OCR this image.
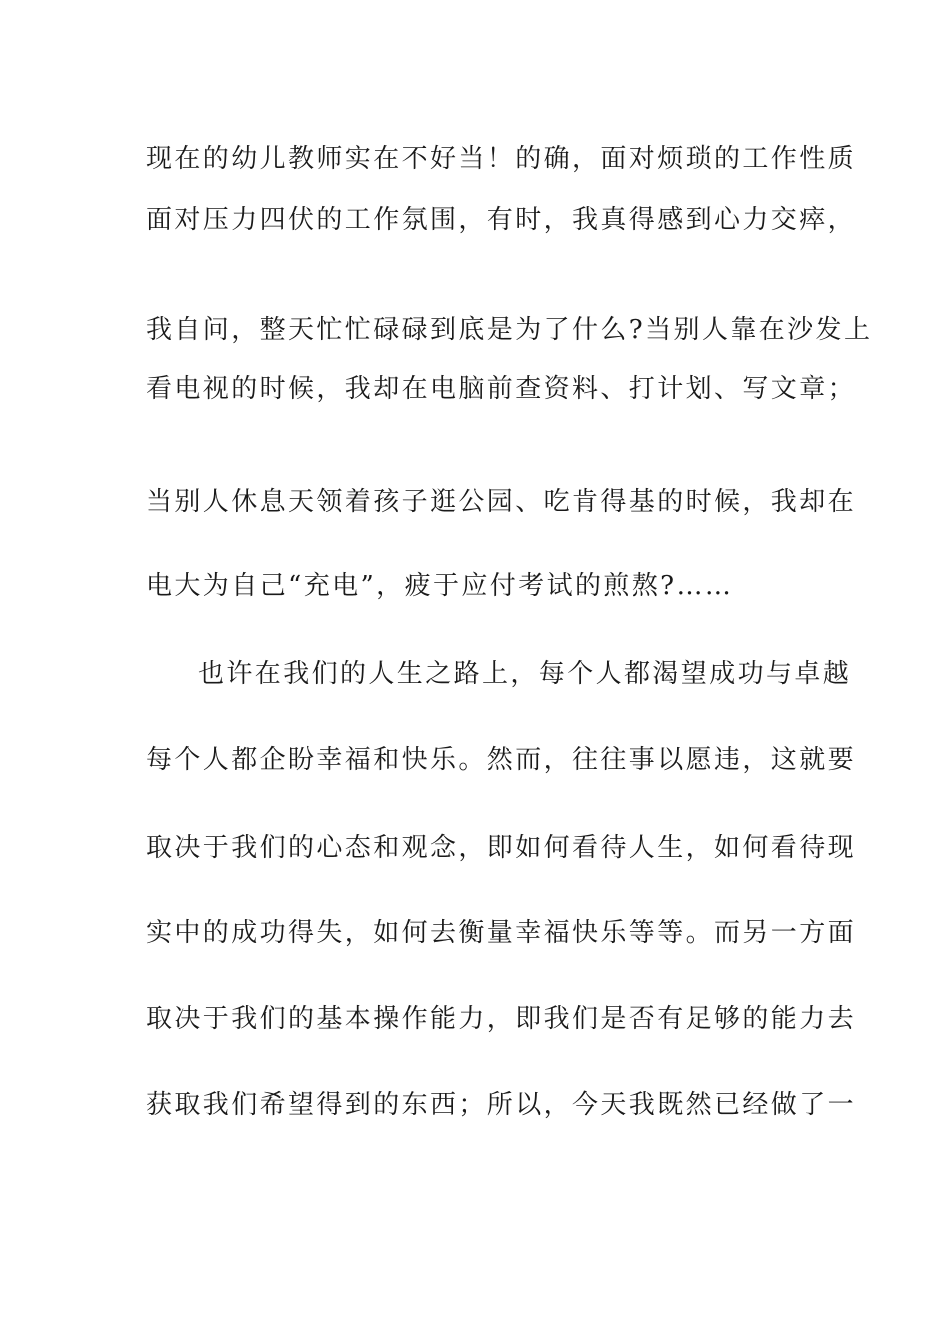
现在的幼儿教师实在不好当！的确，面对烦琐的工作性质
面对压力四伏的工作氛围，有时，我真得感到心力交瘁，
我自问，整天忙忙碌碌到底是为了什么?当别人靠在沙发上
看电视的时候，我却在电脑前查资料、打计划、写文章；
当别人休息天领着孩子逛公园、吃肯得基的时候，我却在
电大为自己“充电”，疲于应付考试的煎熬?……
也许在我们的人生之路上，每个人都渴望成功与卓越
每个人都企盼幸福和快乐。然而，往往事以愿违，这就要
取决于我们的心态和观念，即如何看待人生，如何看待现
实中的成功得失，如何去衡量幸福快乐等等。而另一方面
取决于我们的基本操作能力，即我们是否有足够的能力去
获取我们希望得到的东西；所以，今天我既然已经做了一
